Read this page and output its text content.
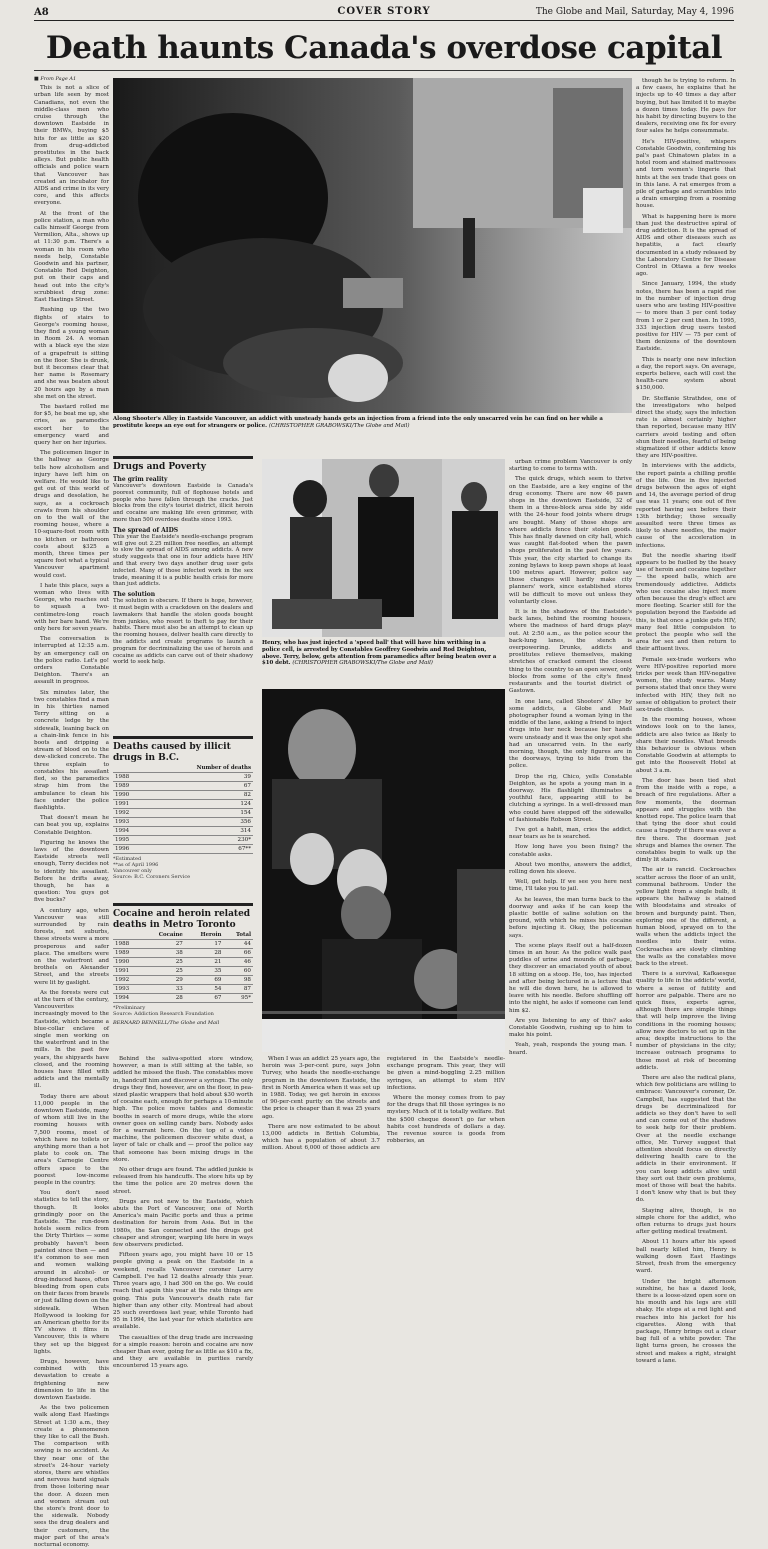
A8	COVER STORY	The Globe and Mail, Saturday, May 4, 1996
Death haunts Canada's overdose capital
■ From Page A1

This is not a slice of urban life seen by most Canadians, not even the middle-class men who cruise through the downtown Eastside in their BMWs, buying $5 hits for as little as $20 from drug-addicted prostitutes in the back alleys. But public health officials and police warn that Vancouver has created an incubator for AIDS and crime in its very core, and this affects everyone.

At the front of the police station, a man who calls himself George from Vermilion, Alta., shows up at 11:30 p.m. There's a woman in his room who needs help, Constable Goodwin and his partner, Constable Rod Deighton, put on their caps and head out into the city's scrubbiest drug zone: East Hastings Street.

Rushing up the two flights of stairs to George's rooming house, they find a young woman in Room 24. A woman with a black eye the size of a grapefruit is sitting on the floor. She is drunk, but it becomes clear that her name is Rosemary and she was beaten about 20 hours ago by a man she met on the street.

The bastard rolled me for $5, he beat me up, she cries, as paramedics escort her to the emergency ward and query her on her injuries.

The policemen linger in the hallway as George tells how alcoholism and injury have left him on welfare. He would like to get out of this world of drugs and desolation, he says, as a cockroach crawls from his shoulder on to the wall of the rooming house, where a 10-square-foot room with no kitchen or bathroom costs about $325 a month, three times per square foot what a typical Vancouver apartment would cost.

I hate this place, says a woman who lives with George, who reaches out to squash a two-centimetre-long roach with her bare hand. We're only here for seven years.

The conversation is interrupted at 12:35 a.m. by an emergency call on the police radio. Let's go! orders Constable Deighton. There's an assault in progress.

Six minutes later, the two constables find a man in his thirties named Terry sitting on a concrete ledge by the sidewalk, leaning back on a chain-link fence in his boots and dripping a stream of blood on to the dew-slicked concrete. The three explain to constables his assailant fled, so the paramedics strap him from the ambulance to clean his face under the police flashlights.

That doesn't mean he can beat you up, explains Constable Deighton.

Figuring he knows the laws of the downtown Eastside streets well enough, Terry decides not to identify his assailant. Before he drifts away, though, he has a question: You guys got five bucks?

A century ago, when Vancouver was still surrounded by rain forests, not suburbs, these streets were a more prosperous and safer place. The smelters were on the waterfront and brothels on Alexander Street, and the streets were lit by gaslight.

As the forests were cut at the turn of the century, Vancouverites increasingly moved to the Eastside, which became a blue-collar enclave of single men working on the waterfront and in the mills. In the past few years, the shipyards have closed, and the rooming houses have filled with addicts and the mentally ill.

Today there are about 11,000 people in the downtown Eastside, many of whom still live in the rooming houses with 7,500 rooms, most of which have no toilets or anything more than a hot plate to cook on. The area's Carnegie Centre offers space to the poorest low-income people in the country.

You don't need statistics to tell the story, though. It looks grindingly poor on the Eastside. The run-down hotels seem relics from the Dirty Thirties — some probably haven't been painted since then — and it's common to see men and women walking around in alcohol- or drug-induced hazes, often bleeding from open cuts on their faces from brawls or just falling down on the sidewalk. When Hollywood is looking for an American ghetto for its TV shows it films in Vancouver, this is where they set up the biggest lights.

Drugs, however, have combined with this devastation to create a frightening new dimension to life in the downtown Eastside.

As the two policemen walk along East Hastings Street at 1:30 a.m., they create a phenomenon they like to call the Bush. The comparison with sowing is no accident. As they near one of the street's 24-hour variety stores, there are whistles and nervous hand signals from those loitering near the door. A dozen men and women stream out the store's front door to the sidewalk. Nobody sees the drug dealers and their customers, the major part of the area's nocturnal economy.

Along Shooter's Alley in Eastside Vancouver, an addict with unsteady hands gets an injection from a friend into the only unscarred vein he can find on her while a prostitute keeps an eye out for strangers or police. (CHRISTOPHER GRABOWSKI/The Globe and Mail)

though he is trying to reform. In a few cases, he explains that he injects up to 40 times a day after buying, but has limited it to maybe a dozen times today. He pays for his habit by directing buyers to the dealers, receiving one fix for every four sales he helps consummate.

He's HIV-positive, whispers Constable Goodwin, confirming his pal's past Chinatown plates in a hotel room and stained mattresses and torn women's lingerie that hints at the sex trade that goes on in this lane. A rat emerges from a pile of garbage and scrambles into a drain emerging from a rooming house.

What is happening here is more than just the destructive spiral of drug addiction. It is the spread of AIDS and other diseases such as hepatitis, a fact clearly documented in a study released by the Laboratory Centre for Disease Control in Ottawa a few weeks ago.

Since January, 1994, the study notes, there has been a rapid rise in the number of injection drug users who are testing HIV-positive — to more than 3 per cent today from 1 or 2 per cent then. In 1995, 333 injection drug users tested positive for HIV — 75 per cent of them denizens of the downtown Eastside.

This is nearly one new infection a day, the report says. On average, experts believe, each will cost the health-care system about $150,000.

Dr. Steffanie Strathdee, one of the investigators who helped direct the study, says the infection rate is almost certainly higher than reported, because many HIV carriers avoid testing and often shun their needles, fearful of being stigmatized if other addicts know they are HIV-positive.

In interviews with the addicts, the report paints a chilling profile of the life. One in five injected drugs between the ages of eight and 14, the average period of drug use was 11 years; one out of five reported having sex before their 13th birthday; those sexually assaulted were three times as likely to share needles, the major cause of the acceleration in infections.

But the needle sharing itself appears to be fuelled by the heavy use of heroin and cocaine together — the speed balls, which are tremendously addictive. Addicts who use cocaine also inject more often because the drug's effect are more fleeting. Scarier still for the population beyond the Eastside ad this, is that once a junkie gets HIV, many feel little compulsion to protect the people who sell the area for sex and then return to their affluent lives.

Female sex-trade workers who were HIV-positive reported more tricks per week than HIV-negative women, the study warns. Many persons stated that once they were infected with HIV, they felt no sense of obligation to protect their sex-trade clients.

In the rooming houses, whose windows look on to the lanes, addicts are also twice as likely to share their needles. What breeds this behaviour is obvious when Constable Goodwin at attempts to get into the Roosevelt Hotel at about 3 a.m.

The door has been tied shut from the inside with a rope, a breach of fire regulations. After a few moments, the doorman appears and struggles with the knotted rope. The police learn that that tying the door shut could cause a tragedy if there was ever a fire there. The doorman just shrugs and blames the owner. The constables begin to walk up the dimly lit stairs.

The air is rancid. Cockroaches scatter across the floor of an unlit, communal bathroom. Under the yellow light from a single bulb, it appears the hallway is stained with bloodstains and streaks of brown and burgundy paint. Then, exploring one of the different, a human blood, sprayed on to the walls when the addicts inject the needles into their veins. Cockroaches are slowly climbing the walls as the constables move back to the street.

There is a survival, Kafkaesque quality to life in the addicts' world, where a sense of futility and horror are palpable. There are no quick fixes, experts agree, although there are simple things that will help improve the living conditions in the rooming houses; allow new doctors to set up in the area; despite instructions to the number of physicians in the city; increase outreach programs to those most at risk of becoming addicts.

There are also the radical plans, which few politicians are willing to embrace: Vancouver's coroner, Dr. Campbell, has suggested that the drugs be decriminalized for addicts so they don't have to sell and can come out of the shadows to seek help for their problem. Over at the needle exchange office, Mr. Turvey suggest that attention should focus on directly delivering health care to the addicts in their environment. If you can keep addicts alive until they sort out their own problems, most of those will beat the habits. I don't know why that is but they do.

Staying alive, though, is no simple chore for the addict, who often returns to drugs just hours after getting medical treatment.

About 11 hours after his speed ball nearly killed him, Henry is walking down East Hastings Street, fresh from the emergency ward.

Under the bright afternoon sunshine, he has a dazed look, there is a loose-sized open sore on his mouth and his legs are still shaky. He stops at a red light and reaches into his jacket for his cigarettes. Along with that package, Henry brings out a clear bag full of a white powder. The light turns green, he crosses the street and makes a right, straight toward a lane.

Drugs and Poverty
The grim reality
Vancouver's downtown Eastside is Canada's poorest community, full of flophouse hotels and people who have fallen through the cracks. Just blocks from the city's tourist district, illicit heroin and cocaine are making life even grimmer, with more than 500 overdose deaths since 1993.
The spread of AIDS
This year the Eastside's needle-exchange program will give out 2.25 million free needles, an attempt to slow the spread of AIDS among addicts. A new study suggests that one in four addicts have HIV and that every two days another drug user gets infected. Many of those infected work in the sex trade, meaning it is a public health crisis for more than just addicts.
The solution
The solution is obscure. If there is hope, however, it must begin with a crackdown on the dealers and lawmakers that handle the stolen goods bought from junkies, who resort to theft to pay for their habits. There must also be an attempt to clean up the rooming houses, deliver health care directly to the addicts and create programs to launch a program for decriminalizing the use of heroin and cocaine as addicts can carve out of their shadowy world to seek help.
Deaths caused by illicit drugs in B.C.
	Number of deaths
1988	39
1989	67
1990	82
1991	124
1992	154
1993	356
1994	314
1995	230*
1996	67**
*Estimated
**as of April 1996
Vancouver only
Source: B.C. Coroners Service
Cocaine and heroin related deaths in Metro Toronto
	Cocaine	Heroin	Total
1988	27	17	44
1989	38	28	66
1990	25	21	46
1991	25	35	60
1992	29	69	98
1993	33	54	87
1994	28	67	95*
*Preliminary
Source: Addiction Research Foundation
BERNARD BENNELL/The Globe and Mail
Henry, who has just injected a 'speed ball' that will have him writhing in a police cell, is arrested by Constables Geoffrey Goodwin and Rod Deighton, above. Terry, below, gets attention from paramedics after being beaten over a $10 debt. (CHRISTOPHER GRABOWSKI/The Globe and Mail)

Behind the saliva-spotted store window, however, a man is still sitting at the table, so addled he missed the flush. The constables move in, handcuff him and discover a syringe. The only drugs they find, however, are on the floor, in pea-sized plastic wrappers that hold about $30 worth of cocaine each, enough for perhaps a 10-minute high. The police move tables and domestic booths in search of more drugs, while the store owner goes on selling candy bars. Nobody asks for a warrant here. On the top of a video machine, the policemen discover white dust, a layer of talc or chalk and — proof the police say that someone has been mixing drugs in the store.

No other drugs are found. The addled junkie is released from his handcuffs. The store hits up by the time the police are 20 metres down the street.

Drugs are not new to the Eastside, which abuts the Port of Vancouver, one of North America's main Pacific ports and thus a prime destination for heroin from Asia. But in the 1980s, the San connected and the drugs got cheaper and stronger, warping life here in ways few observers predicted.

Fifteen years ago, you might have 10 or 15 people giving a peak on the Eastside in a weekend, recalls Vancouver coroner Larry Campbell. I've had 12 deaths already this year. Three years ago, I had 300 on the go. We could reach that again this year at the rate things are going. This puts Vancouver's death rate far higher than any other city. Montreal had about 25 such overdoses last year, while Toronto had 95 in 1994, the last year for which statistics are available.

The casualties of the drug trade are increasing for a simple reason: heroin and cocaine are now cheaper than ever, going for as little as $10 a fix, and they are available in purities rarely encountered 15 years ago.

urban crime problem Vancouver is only starting to come to terms with.

The quick drugs, which seem to thrive on the Eastside, are a key engine of the drug economy. There are now 46 pawn shops in the downtown Eastside, 32 of them in a three-block area side by side with the 24-hour food joints where drugs are bought. Many of those shops are where addicts fence their stolen goods. This has finally dawned on city hall, which was caught flat-footed when the pawn shops proliferated in the past few years. This year, the city started to change its zoning bylaws to keep pawn shops at least 100 metres apart. However, police say those changes will hardly make city planners' work, since established stores will be difficult to move out unless they voluntarily close.

It is in the shadows of the Eastside's back lanes, behind the rooming houses, where the madness of hard drugs plays out. At 2:50 a.m., as the police scour the back-lung lanes, the stench is overpowering. Drunks, addicts and prostitutes relieve themselves, making stretches of cracked cement the closest thing to the country to an open sewer, only blocks from some of the city's finest restaurants and the tourist district of Gastown.

In one lane, called Shooters' Alley by some addicts, a Globe and Mail photographer found a woman lying in the middle of the lane, asking a friend to inject drugs into her neck because her hands were unsteady and it was the only spot she had an unscarred vein. In the early morning, though, the only figures are in the doorways, trying to hide from the police.

Drop the rig, Chico, yells Constable Deighton, as he spots a young man in a doorway. His flashlight illuminates a youthful face, appearing still to be clutching a syringe. In a well-dressed man who could have stepped off the sidewalks of fashionable Robson Street.

I've got a habit, man, cries the addict, near tears as he is searched.

How long have you been fixing? the constable asks.

About two months, answers the addict, rolling down his sleeve.

Well, get help. If we see you here next time, I'll take you to jail.

As he leaves, the man turns back to the doorway and asks if he can keep the plastic bottle of saline solution on the ground, with which he mixes his cocaine before injecting it. Okay, the policeman says.

The scene plays itself out a half-dozen times in an hour. As the police walk past puddles of urine and mounds of garbage, they discover an emaciated youth of about 18 sitting on a stoop. He, too, has injected and after being lectured in a lecture that he will die down here, he is allowed to leave with his needle. Before shuffling off into the night, he asks if someone can lend him $2.

Are you listening to any of this? asks Constable Goodwin, rushing up to him to make his point.

Yeah, yeah, responds the young man. I heard.

When I was an addict 25 years ago, the heroin was 3-per-cent pure, says John Turvey, who heads the needle-exchange program in the downtown Eastside, the first in North America when it was set up in 1988. Today, we get heroin in excess of 90-per-cent purity on the streets and the price is cheaper than it was 25 years ago.

There are now estimated to be about 13,000 addicts in British Columbia, which has a population of about 3.7 million. About 6,000 of those addicts are registered in the Eastside's needle-exchange program. This year, they will be given a mind-boggling 2.25 million syringes, an attempt to stem HIV infections.

Where the money comes from to pay for the drugs that fill those syringes is no mystery. Much of it is totally welfare. But the $500 cheque doesn't go far when habits cost hundreds of dollars a day. The revenue source is goods from robberies, an
